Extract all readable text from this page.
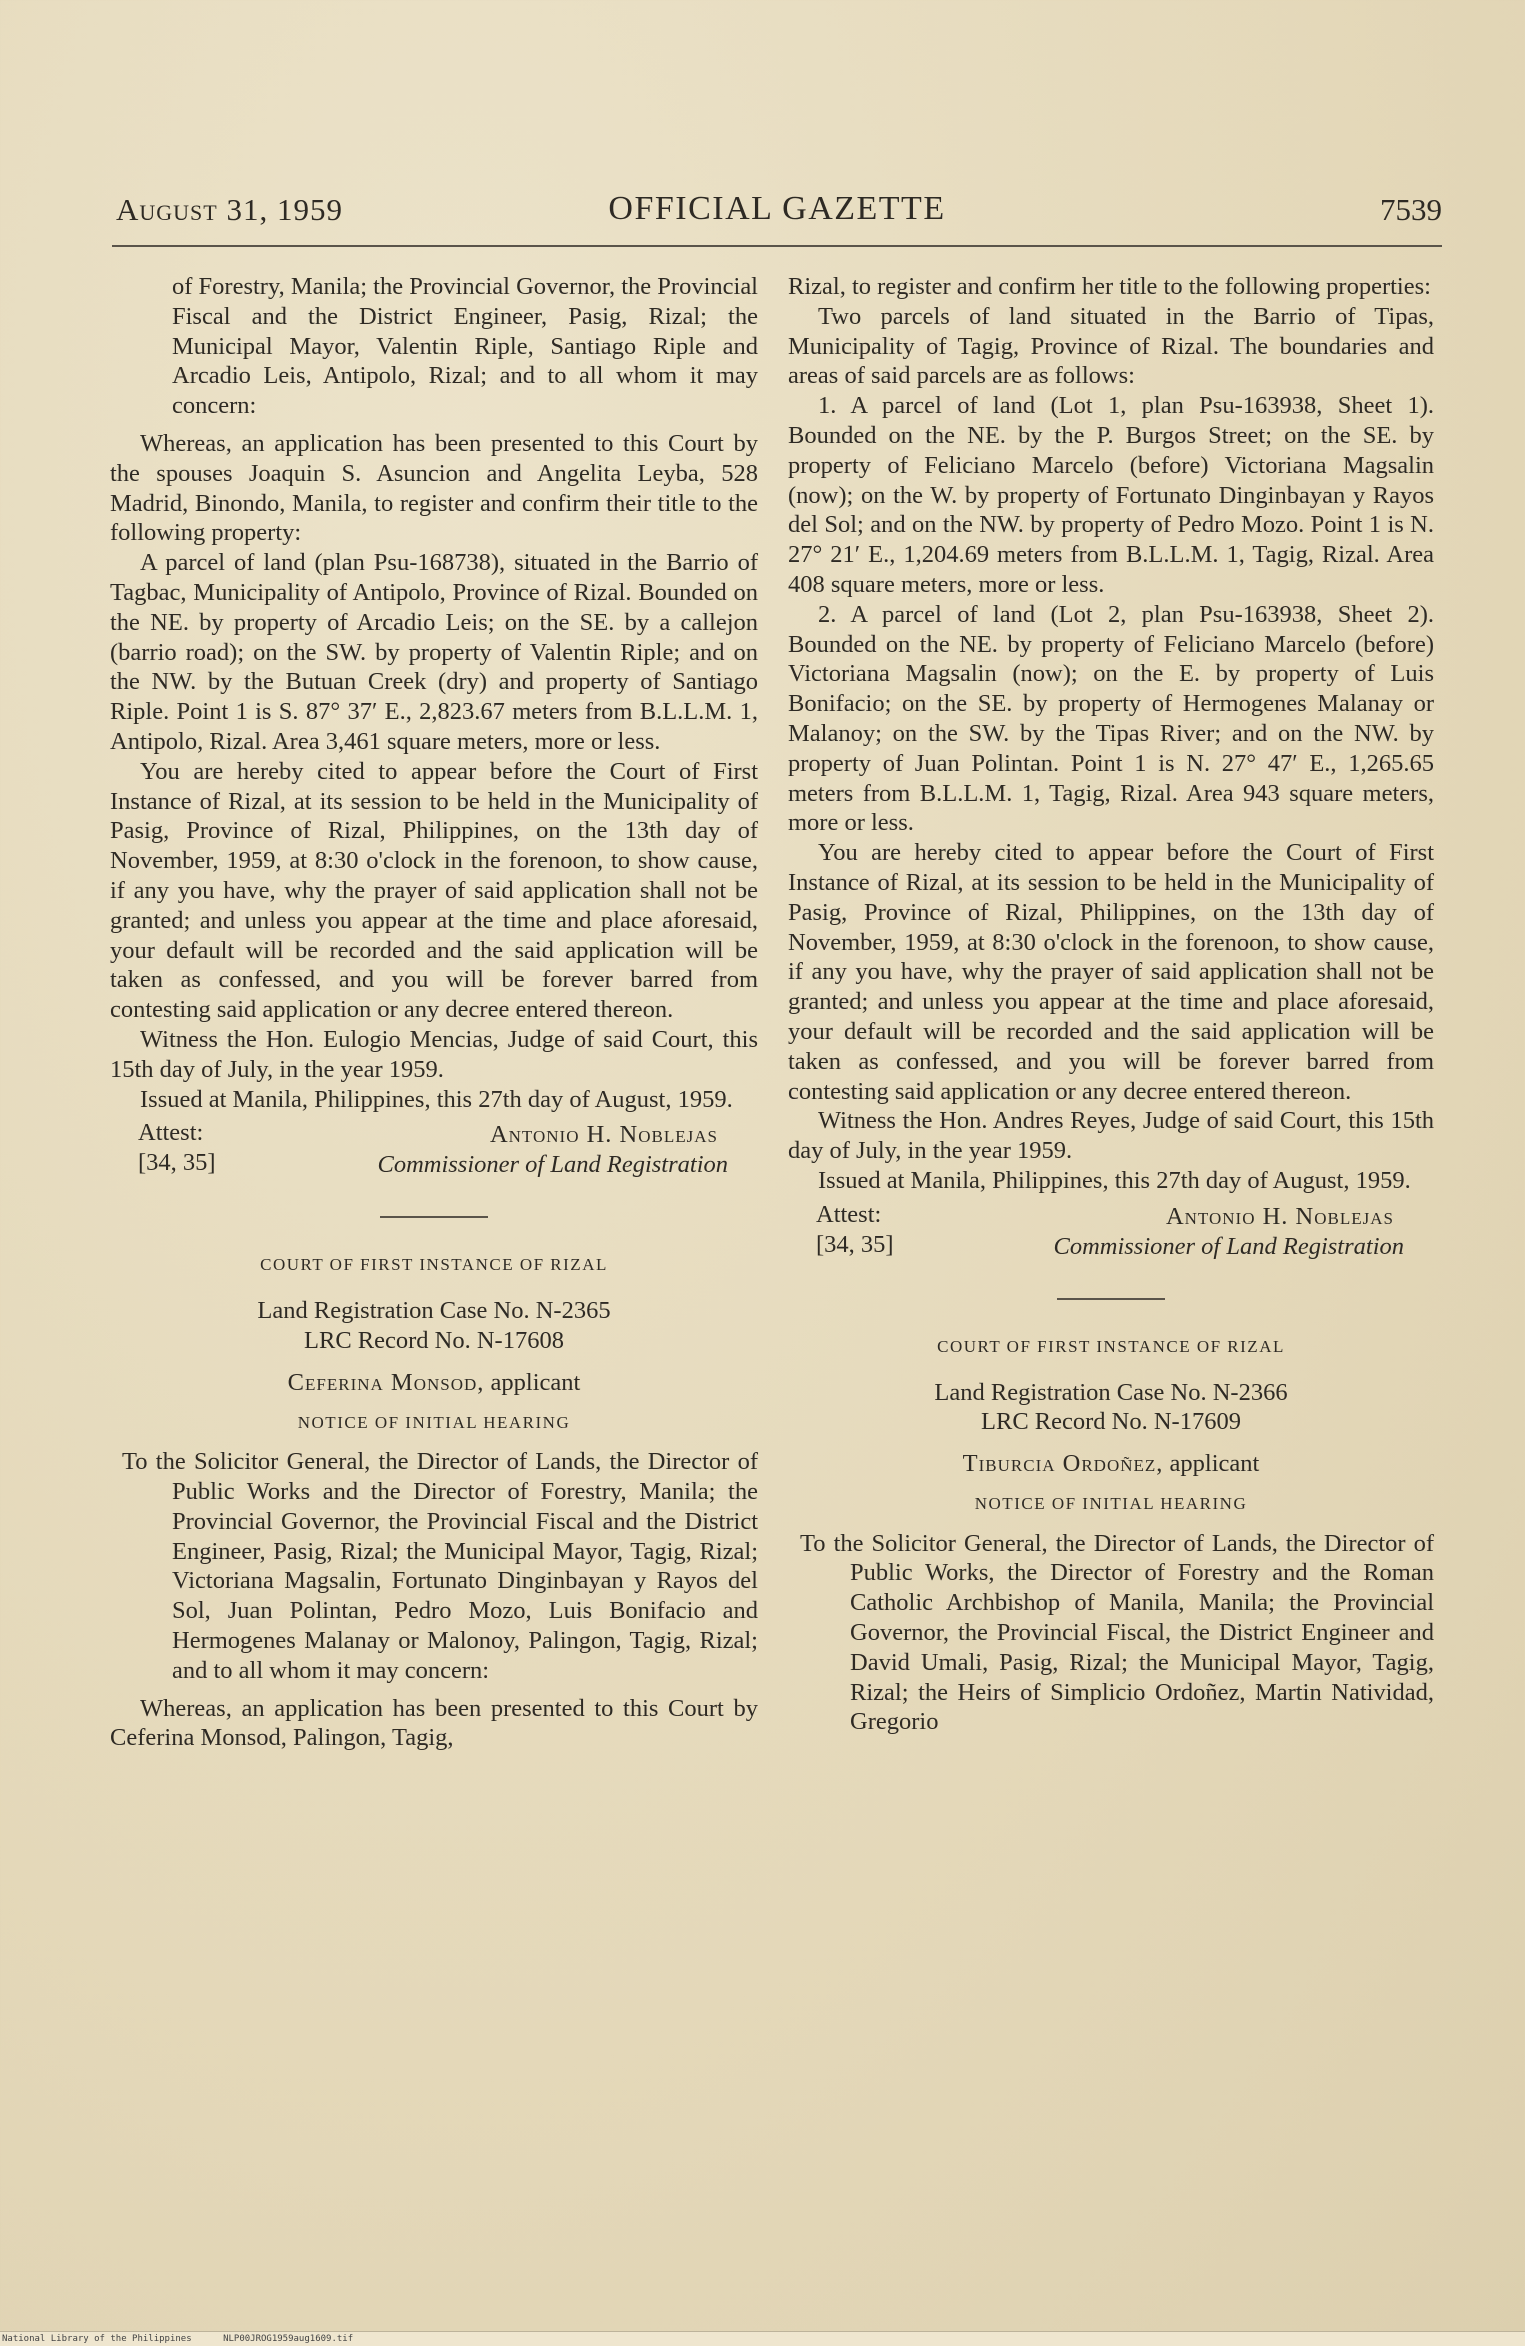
August 31, 1959	OFFICIAL GAZETTE	7539

of Forestry, Manila; the Provincial Governor, the Provincial Fiscal and the District Engineer, Pasig, Rizal; the Municipal Mayor, Valentin Riple, Santiago Riple and Arcadio Leis, Antipolo, Rizal; and to all whom it may concern:

Whereas, an application has been presented to this Court by the spouses Joaquin S. Asuncion and Angelita Leyba, 528 Madrid, Binondo, Manila, to register and confirm their title to the following property:

A parcel of land (plan Psu-168738), situated in the Barrio of Tagbac, Municipality of Antipolo, Province of Rizal. Bounded on the NE. by property of Arcadio Leis; on the SE. by a callejon (barrio road); on the SW. by property of Valentin Riple; and on the NW. by the Butuan Creek (dry) and property of Santiago Riple. Point 1 is S. 87° 37′ E., 2,823.67 meters from B.L.L.M. 1, Antipolo, Rizal. Area 3,461 square meters, more or less.

You are hereby cited to appear before the Court of First Instance of Rizal, at its session to be held in the Municipality of Pasig, Province of Rizal, Philippines, on the 13th day of November, 1959, at 8:30 o'clock in the forenoon, to show cause, if any you have, why the prayer of said application shall not be granted; and unless you appear at the time and place aforesaid, your default will be recorded and the said application will be taken as confessed, and you will be forever barred from contesting said application or any decree entered thereon.

Witness the Hon. Eulogio Mencias, Judge of said Court, this 15th day of July, in the year 1959.

Issued at Manila, Philippines, this 27th day of August, 1959.

Attest:
[34, 35]
Antonio H. Noblejas
Commissioner of Land Registration
COURT OF FIRST INSTANCE OF RIZAL
Land Registration Case No. N-2365
LRC Record No. N-17608
Ceferina Monsod, applicant
NOTICE OF INITIAL HEARING

To the Solicitor General, the Director of Lands, the Director of Public Works and the Director of Forestry, Manila; the Provincial Governor, the Provincial Fiscal and the District Engineer, Pasig, Rizal; the Municipal Mayor, Tagig, Rizal; Victoriana Magsalin, Fortunato Dinginbayan y Rayos del Sol, Juan Polintan, Pedro Mozo, Luis Bonifacio and Hermogenes Malanay or Malonoy, Palingon, Tagig, Rizal; and to all whom it may concern:

Whereas, an application has been presented to this Court by Ceferina Monsod, Palingon, Tagig,

Rizal, to register and confirm her title to the following properties:

Two parcels of land situated in the Barrio of Tipas, Municipality of Tagig, Province of Rizal. The boundaries and areas of said parcels are as follows:

1. A parcel of land (Lot 1, plan Psu-163938, Sheet 1). Bounded on the NE. by the P. Burgos Street; on the SE. by property of Feliciano Marcelo (before) Victoriana Magsalin (now); on the W. by property of Fortunato Dinginbayan y Rayos del Sol; and on the NW. by property of Pedro Mozo. Point 1 is N. 27° 21′ E., 1,204.69 meters from B.L.L.M. 1, Tagig, Rizal. Area 408 square meters, more or less.

2. A parcel of land (Lot 2, plan Psu-163938, Sheet 2). Bounded on the NE. by property of Feliciano Marcelo (before) Victoriana Magsalin (now); on the E. by property of Luis Bonifacio; on the SE. by property of Hermogenes Malanay or Malanoy; on the SW. by the Tipas River; and on the NW. by property of Juan Polintan. Point 1 is N. 27° 47′ E., 1,265.65 meters from B.L.L.M. 1, Tagig, Rizal. Area 943 square meters, more or less.

You are hereby cited to appear before the Court of First Instance of Rizal, at its session to be held in the Municipality of Pasig, Province of Rizal, Philippines, on the 13th day of November, 1959, at 8:30 o'clock in the forenoon, to show cause, if any you have, why the prayer of said application shall not be granted; and unless you appear at the time and place aforesaid, your default will be recorded and the said application will be taken as confessed, and you will be forever barred from contesting said application or any decree entered thereon.

Witness the Hon. Andres Reyes, Judge of said Court, this 15th day of July, in the year 1959.

Issued at Manila, Philippines, this 27th day of August, 1959.

Attest:
[34, 35]
Antonio H. Noblejas
Commissioner of Land Registration
COURT OF FIRST INSTANCE OF RIZAL
Land Registration Case No. N-2366
LRC Record No. N-17609
Tiburcia Ordoñez, applicant
NOTICE OF INITIAL HEARING

To the Solicitor General, the Director of Lands, the Director of Public Works, the Director of Forestry and the Roman Catholic Archbishop of Manila, Manila; the Provincial Governor, the Provincial Fiscal, the District Engineer and David Umali, Pasig, Rizal; the Municipal Mayor, Tagig, Rizal; the Heirs of Simplicio Ordoñez, Martin Natividad, Gregorio

National Library of the Philippines	NLP00JROG1959aug1609.tif
